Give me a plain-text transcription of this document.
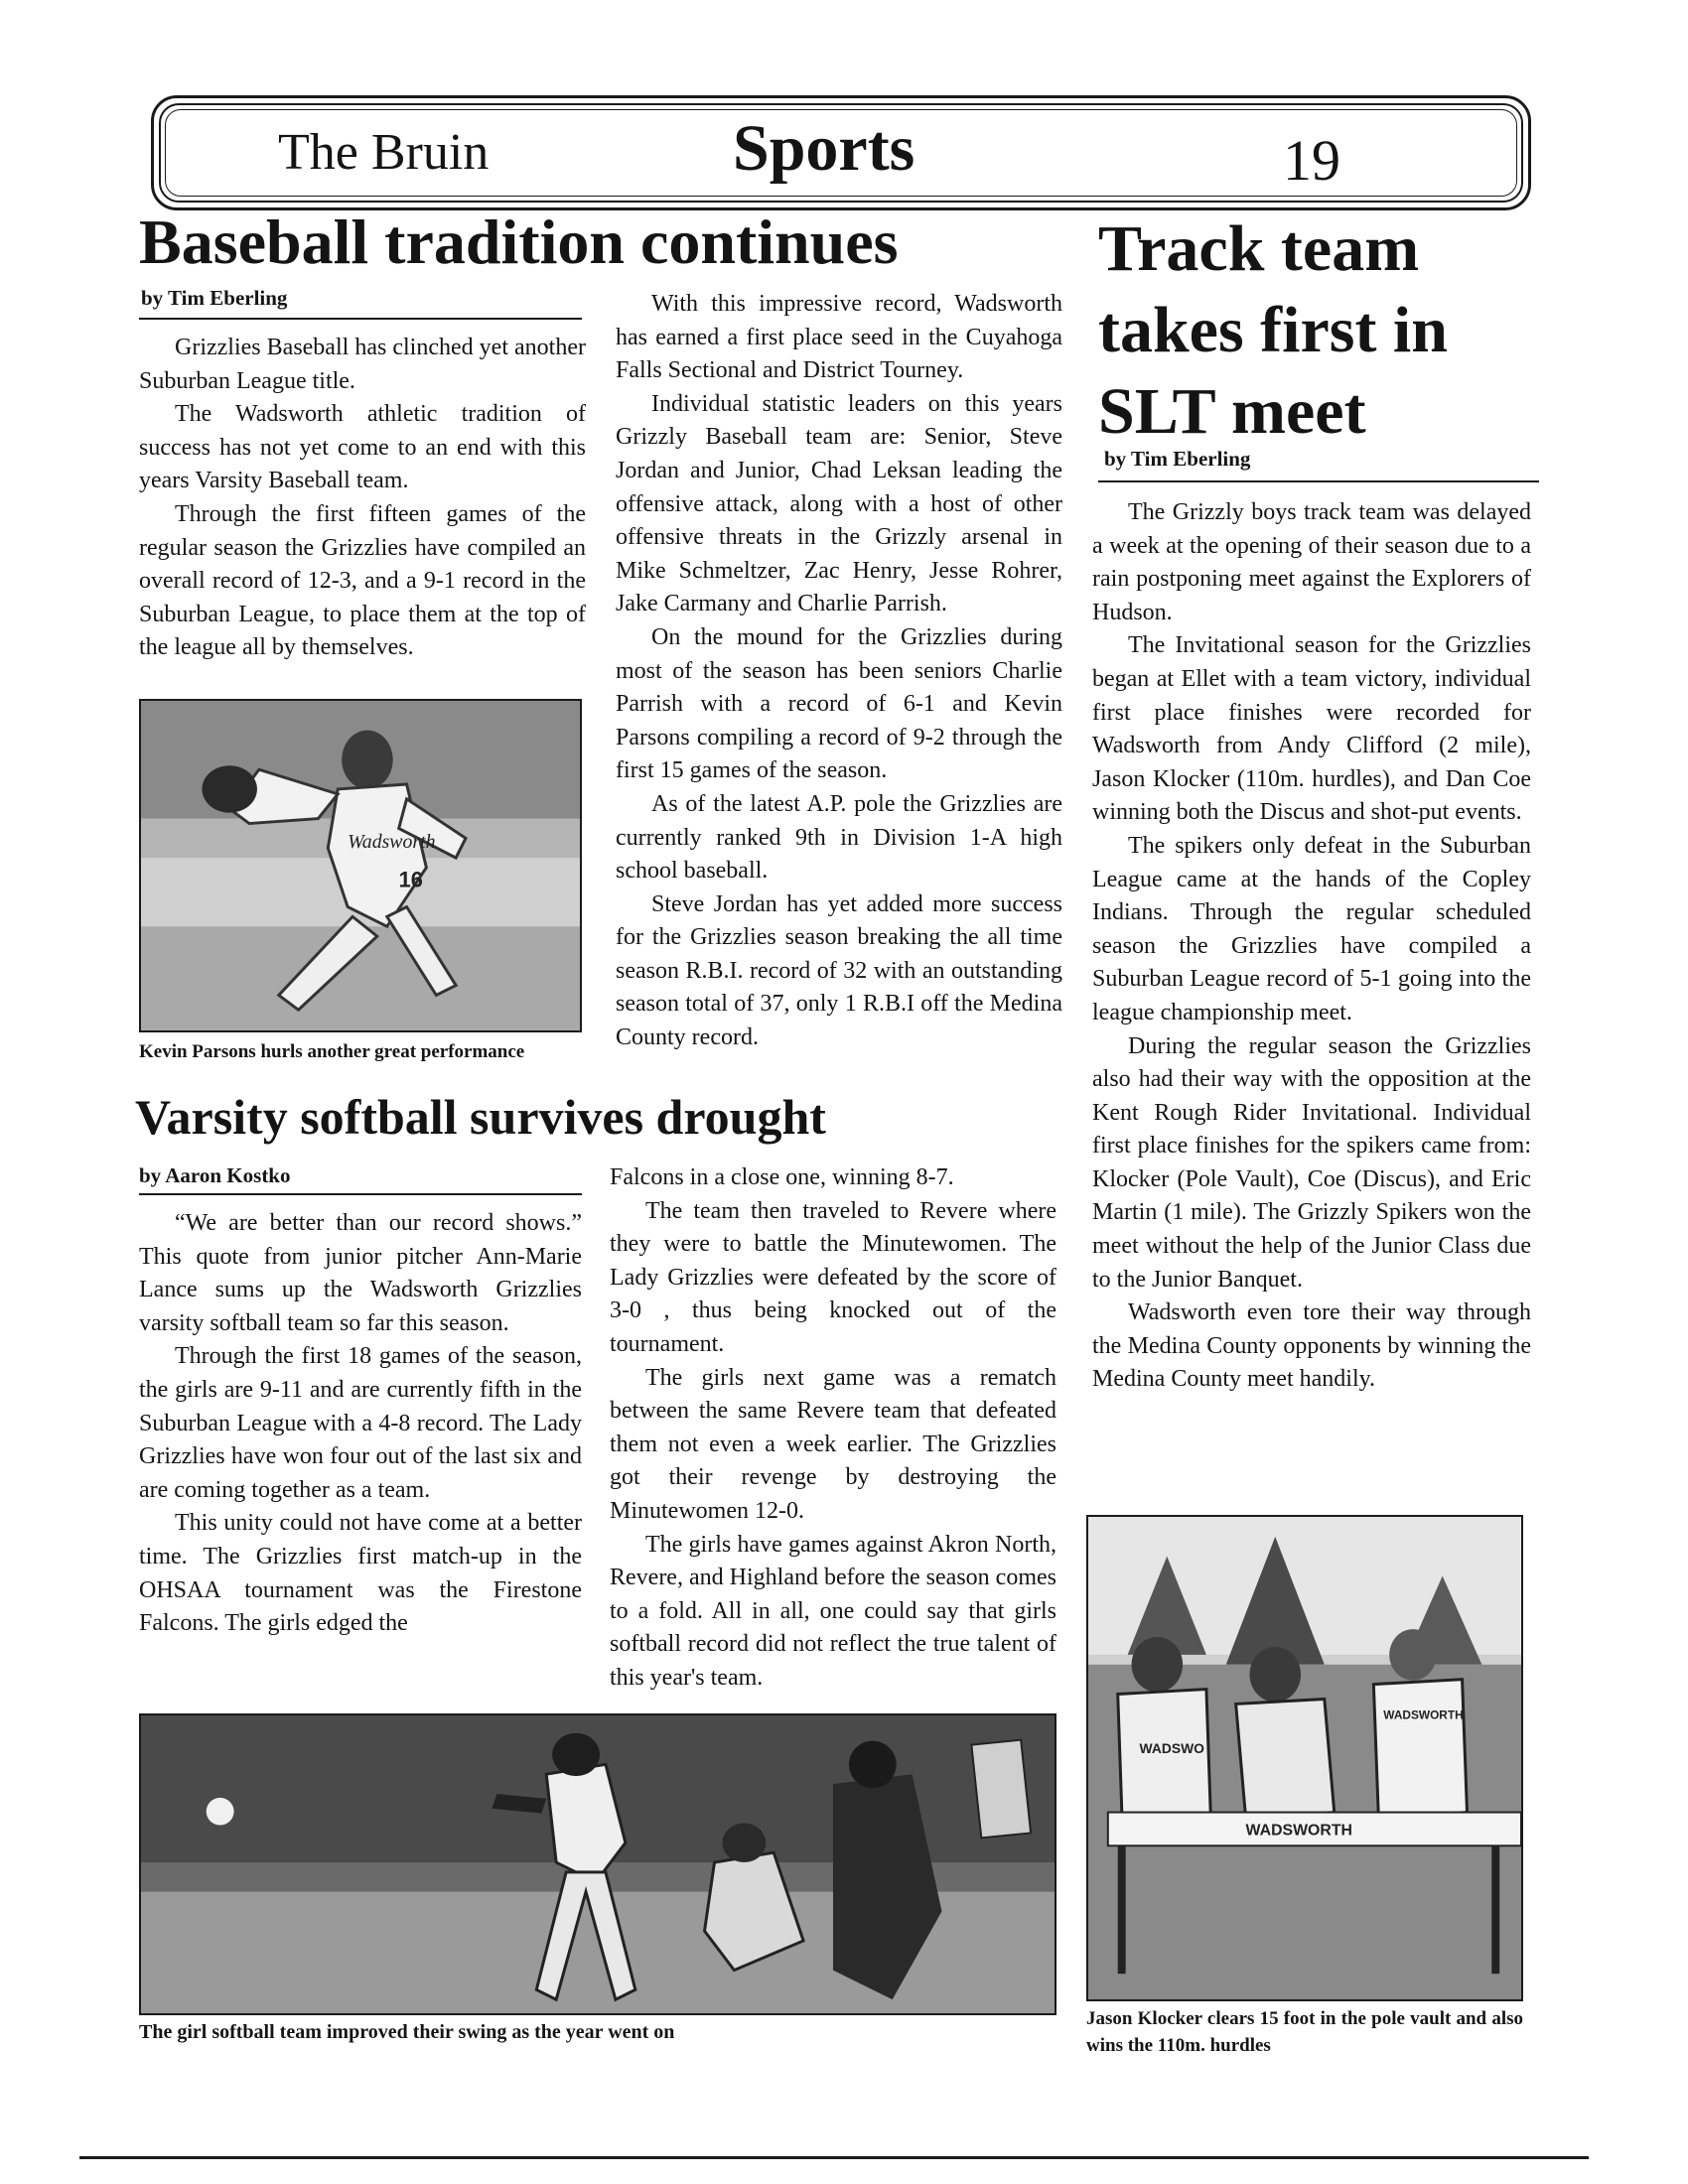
The Bruin	Sports	19
Baseball tradition continues
by Tim Eberling

Grizzlies Baseball has clinched yet another Suburban League title.

The Wadsworth athletic tradition of success has not yet come to an end with this years Varsity Baseball team.

Through the first fifteen games of the regular season the Grizzlies have compiled an overall record of 12-3, and a 9-1 record in the Suburban League, to place them at the top of the league all by themselves.

Wadsworth
16
Kevin Parsons hurls another great performance

With this impressive record, Wadsworth has earned a first place seed in the Cuyahoga Falls Sectional and District Tourney.

Individual statistic leaders on this years Grizzly Baseball team are: Senior, Steve Jordan and Junior, Chad Leksan leading the offensive attack, along with a host of other offensive threats in the Grizzly arsenal in Mike Schmeltzer, Zac Henry, Jesse Rohrer, Jake Carmany and Charlie Parrish.

On the mound for the Grizzlies during most of the season has been seniors Charlie Parrish with a record of 6-1 and Kevin Parsons compiling a record of 9-2 through the first 15 games of the season.

As of the latest A.P. pole the Grizzlies are currently ranked 9th in Division 1-A high school baseball.

Steve Jordan has yet added more success for the Grizzlies season breaking the all time season R.B.I. record of 32 with an outstanding season total of 37, only 1 R.B.I off the Medina County record.

Varsity softball survives drought
by Aaron Kostko

“We are better than our record shows.” This quote from junior pitcher Ann-Marie Lance sums up the Wadsworth Grizzlies varsity softball team so far this season.

Through the first 18 games of the season, the girls are 9-11 and are currently fifth in the Suburban League with a 4-8 record. The Lady Grizzlies have won four out of the last six and are coming together as a team.

This unity could not have come at a better time. The Grizzlies first match-up in the OHSAA tournament was the Firestone Falcons. The girls edged the

Falcons in a close one, winning 8-7.

The team then traveled to Revere where they were to battle the Minutewomen. The Lady Grizzlies were defeated by the score of 3-0 , thus being knocked out of the tournament.

The girls next game was a rematch between the same Revere team that defeated them not even a week earlier. The Grizzlies got their revenge by destroying the Minutewomen 12-0.

The girls have games against Akron North, Revere, and Highland before the season comes to a fold. All in all, one could say that girls softball record did not reflect the true talent of this year's team.

The girl softball team improved their swing as the year went on
Track team takes first in SLT meet
by Tim Eberling

The Grizzly boys track team was delayed a week at the opening of their season due to a rain postponing meet against the Explorers of Hudson.

The Invitational season for the Grizzlies began at Ellet with a team victory, individual first place finishes were recorded for Wadsworth from Andy Clifford (2 mile), Jason Klocker (110m. hurdles), and Dan Coe winning both the Discus and shot-put events.

The spikers only defeat in the Suburban League came at the hands of the Copley Indians. Through the regular scheduled season the Grizzlies have compiled a Suburban League record of 5-1 going into the league championship meet.

During the regular season the Grizzlies also had their way with the opposition at the Kent Rough Rider Invitational. Individual first place finishes for the spikers came from: Klocker (Pole Vault), Coe (Discus), and Eric Martin (1 mile). The Grizzly Spikers won the meet without the help of the Junior Class due to the Junior Banquet.

Wadsworth even tore their way through the Medina County opponents by winning the Medina County meet handily.

WADSWO
WADSWORTH
WADSWORTH
Jason Klocker clears 15 foot in the pole vault and also wins the 110m. hurdles
